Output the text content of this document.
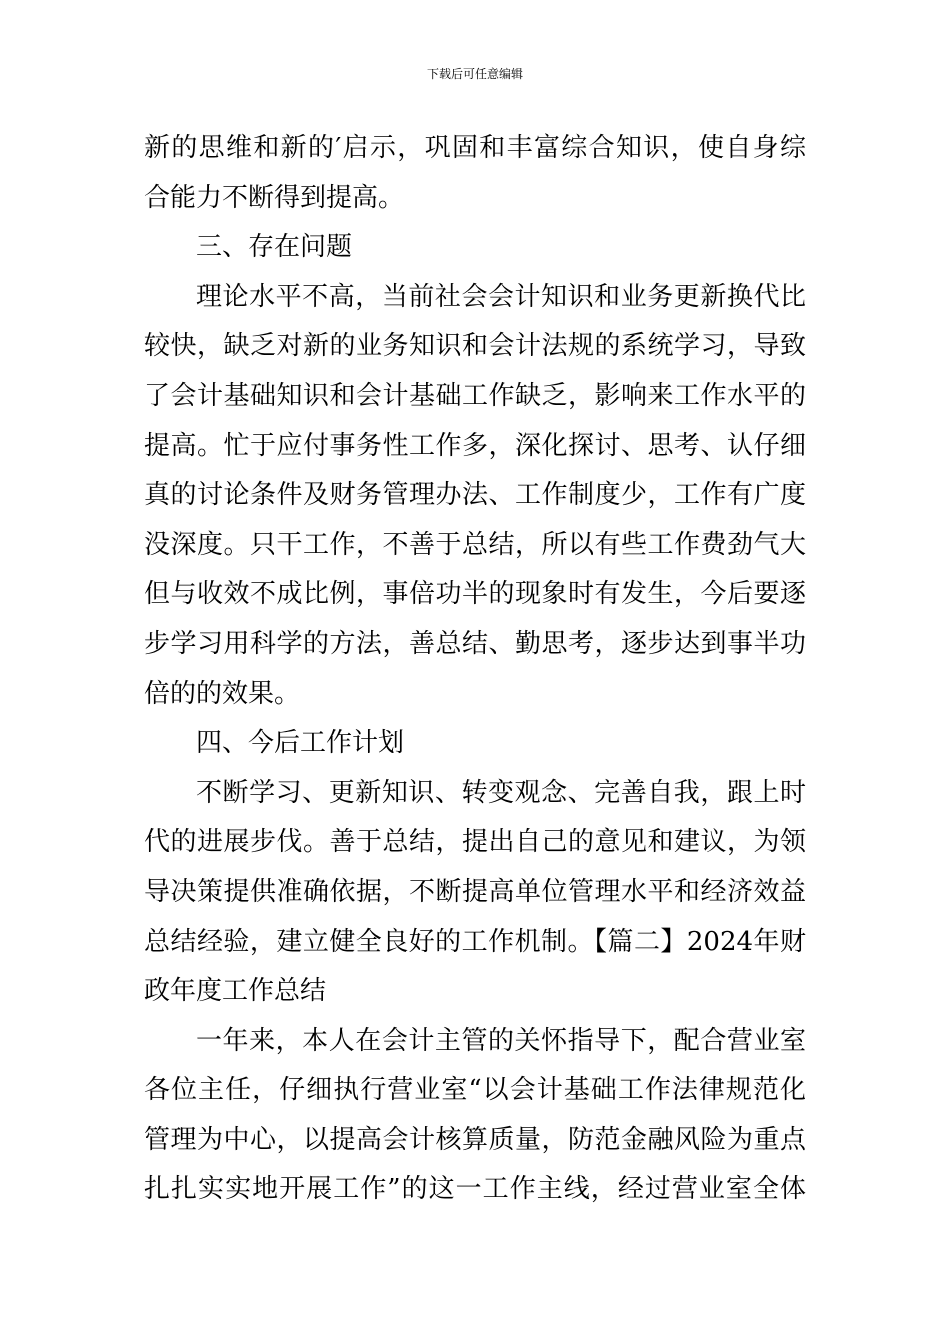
下载后可任意编辑
新的思维和新的′启示，巩固和丰富综合知识，使自身综
合能力不断得到提高。
三、存在问题
理论水平不高，当前社会会计知识和业务更新换代比
较快，缺乏对新的业务知识和会计法规的系统学习，导致
了会计基础知识和会计基础工作缺乏，影响来工作水平的
提高。忙于应付事务性工作多，深化探讨、思考、认仔细
真的讨论条件及财务管理办法、工作制度少，工作有广度
没深度。只干工作，不善于总结，所以有些工作费劲气大
但与收效不成比例，事倍功半的现象时有发生，今后要逐
步学习用科学的方法，善总结、勤思考，逐步达到事半功
倍的的效果。
四、今后工作计划
不断学习、更新知识、转变观念、完善自我，跟上时
代的进展步伐。善于总结，提出自己的意见和建议，为领
导决策提供准确依据，不断提高单位管理水平和经济效益
总结经验，建立健全良好的工作机制。【篇二】2024年财
政年度工作总结
一年来，本人在会计主管的关怀指导下，配合营业室
各位主任，仔细执行营业室“以会计基础工作法律规范化
管理为中心，以提高会计核算质量，防范金融风险为重点
扎扎实实地开展工作”的这一工作主线，经过营业室全体
